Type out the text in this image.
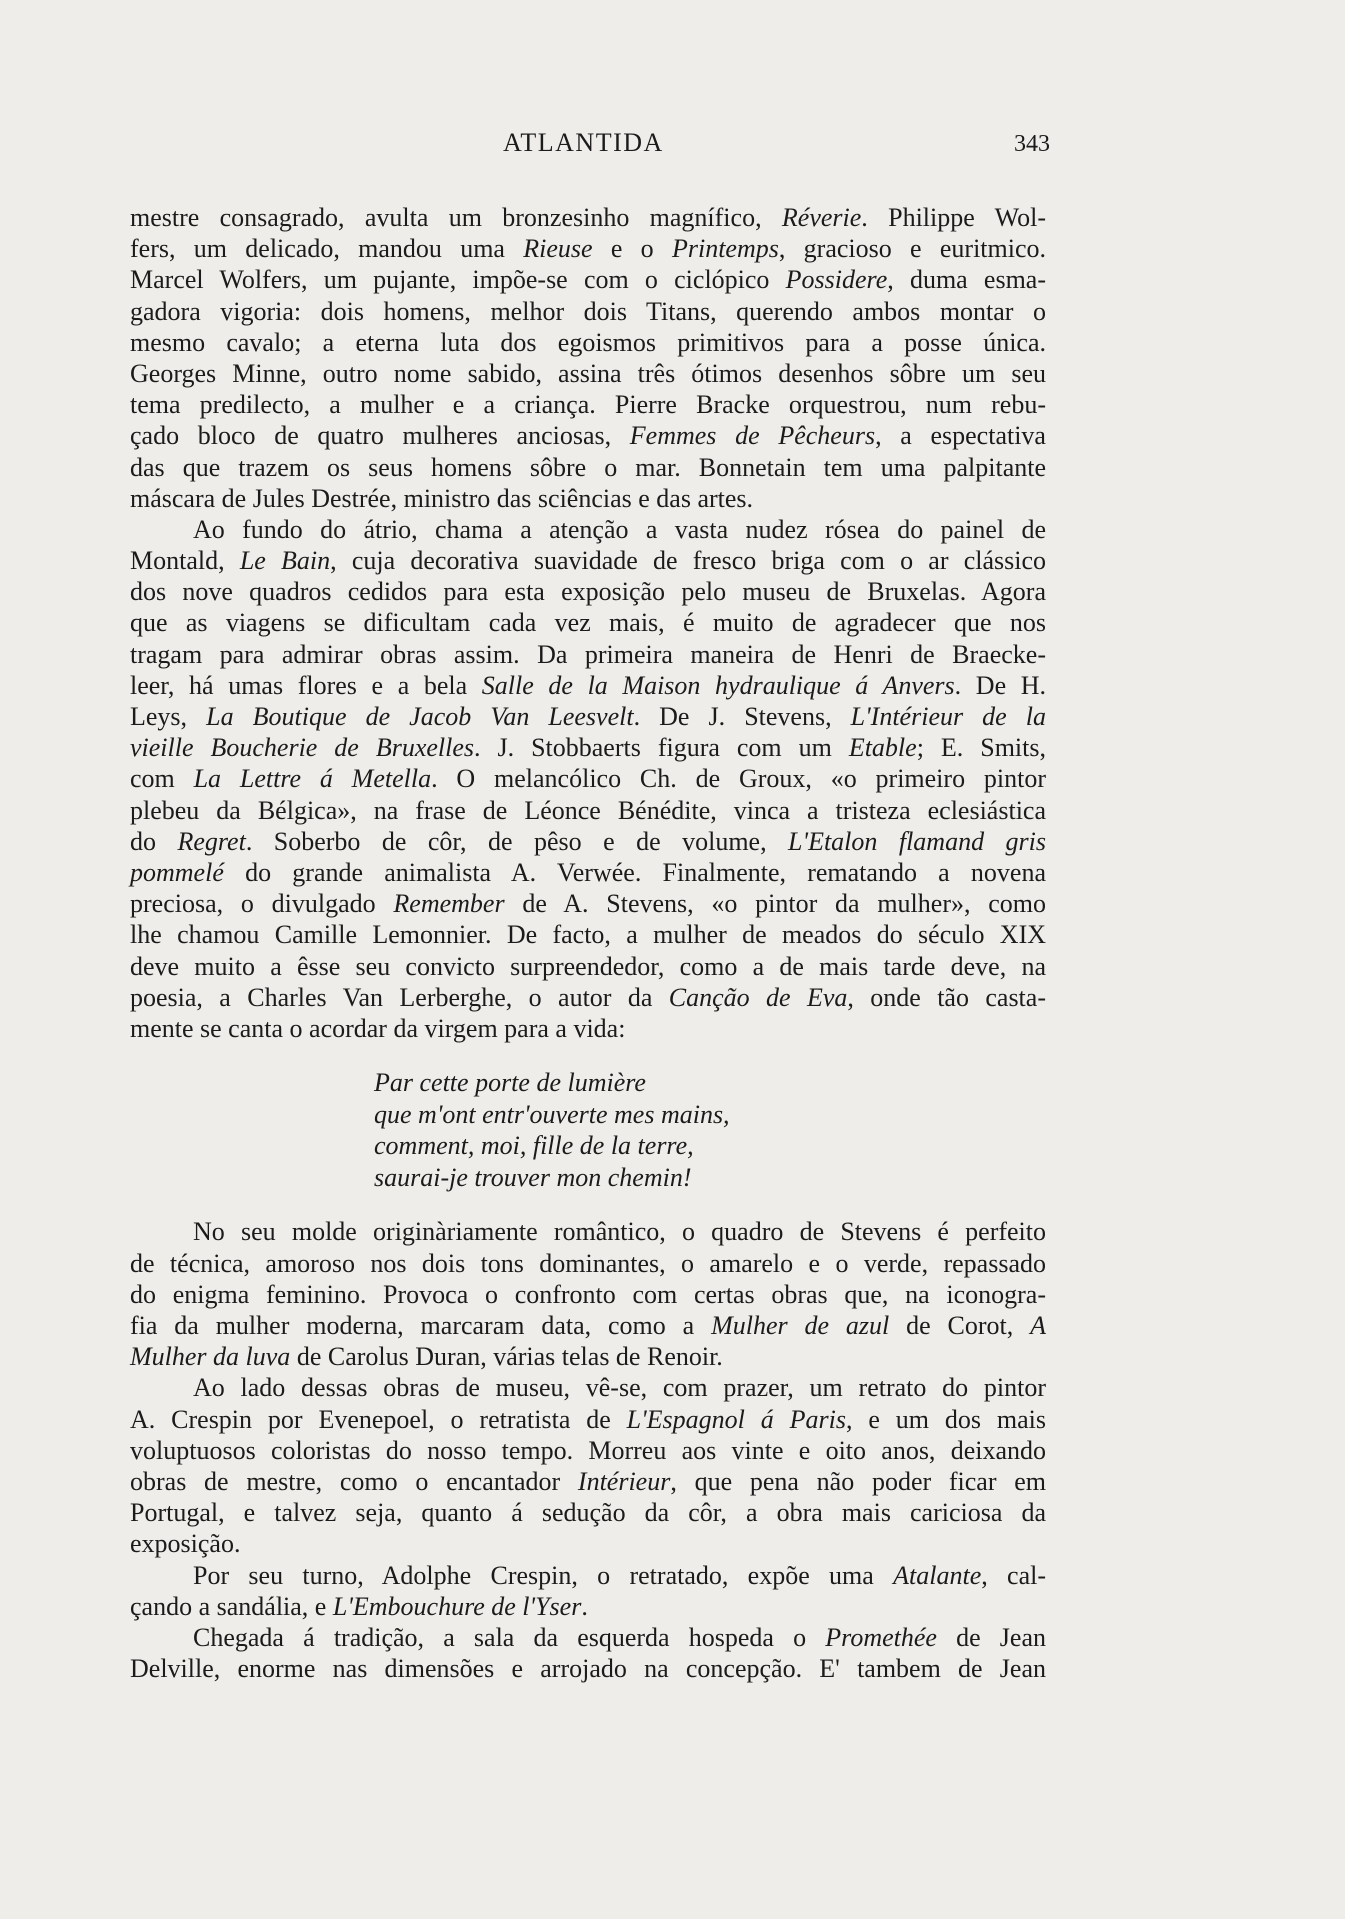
ATLANTIDA	343
mestre consagrado, avulta um bronzesinho magnífico, Réverie. Philippe Wol-
fers, um delicado, mandou uma Rieuse e o Printemps, gracioso e euritmico.
Marcel Wolfers, um pujante, impõe-se com o ciclópico Possidere, duma esma-
gadora vigoria: dois homens, melhor dois Titans, querendo ambos montar o
mesmo cavalo; a eterna luta dos egoismos primitivos para a posse única.
Georges Minne, outro nome sabido, assina três ótimos desenhos sôbre um seu
tema predilecto, a mulher e a criança. Pierre Bracke orquestrou, num rebu-
çado bloco de quatro mulheres anciosas, Femmes de Pêcheurs, a espectativa
das que trazem os seus homens sôbre o mar. Bonnetain tem uma palpitante
máscara de Jules Destrée, ministro das sciências e das artes.
Ao fundo do átrio, chama a atenção a vasta nudez rósea do painel de
Montald, Le Bain, cuja decorativa suavidade de fresco briga com o ar clássico
dos nove quadros cedidos para esta exposição pelo museu de Bruxelas. Agora
que as viagens se dificultam cada vez mais, é muito de agradecer que nos
tragam para admirar obras assim. Da primeira maneira de Henri de Braecke-
leer, há umas flores e a bela Salle de la Maison hydraulique á Anvers. De H.
Leys, La Boutique de Jacob Van Leesvelt. De J. Stevens, L'Intérieur de la
vieille Boucherie de Bruxelles. J. Stobbaerts figura com um Etable; E. Smits,
com La Lettre á Metella. O melancólico Ch. de Groux, «o primeiro pintor
plebeu da Bélgica», na frase de Léonce Bénédite, vinca a tristeza eclesiástica
do Regret. Soberbo de côr, de pêso e de volume, L'Etalon flamand gris
pommelé do grande animalista A. Verwée. Finalmente, rematando a novena
preciosa, o divulgado Remember de A. Stevens, «o pintor da mulher», como
lhe chamou Camille Lemonnier. De facto, a mulher de meados do século XIX
deve muito a êsse seu convicto surpreendedor, como a de mais tarde deve, na
poesia, a Charles Van Lerberghe, o autor da Canção de Eva, onde tão casta-
mente se canta o acordar da virgem para a vida:
Par cette porte de lumière
que m'ont entr'ouverte mes mains,
comment, moi, fille de la terre,
saurai-je trouver mon chemin!
No seu molde originàriamente romântico, o quadro de Stevens é perfeito
de técnica, amoroso nos dois tons dominantes, o amarelo e o verde, repassado
do enigma feminino. Provoca o confronto com certas obras que, na iconogra-
fia da mulher moderna, marcaram data, como a Mulher de azul de Corot, A
Mulher da luva de Carolus Duran, várias telas de Renoir.
Ao lado dessas obras de museu, vê-se, com prazer, um retrato do pintor
A. Crespin por Evenepoel, o retratista de L'Espagnol á Paris, e um dos mais
voluptuosos coloristas do nosso tempo. Morreu aos vinte e oito anos, deixando
obras de mestre, como o encantador Intérieur, que pena não poder ficar em
Portugal, e talvez seja, quanto á sedução da côr, a obra mais cariciosa da
exposição.
Por seu turno, Adolphe Crespin, o retratado, expõe uma Atalante, cal-
çando a sandália, e L'Embouchure de l'Yser.
Chegada á tradição, a sala da esquerda hospeda o Promethée de Jean
Delville, enorme nas dimensões e arrojado na concepção. E' tambem de Jean
